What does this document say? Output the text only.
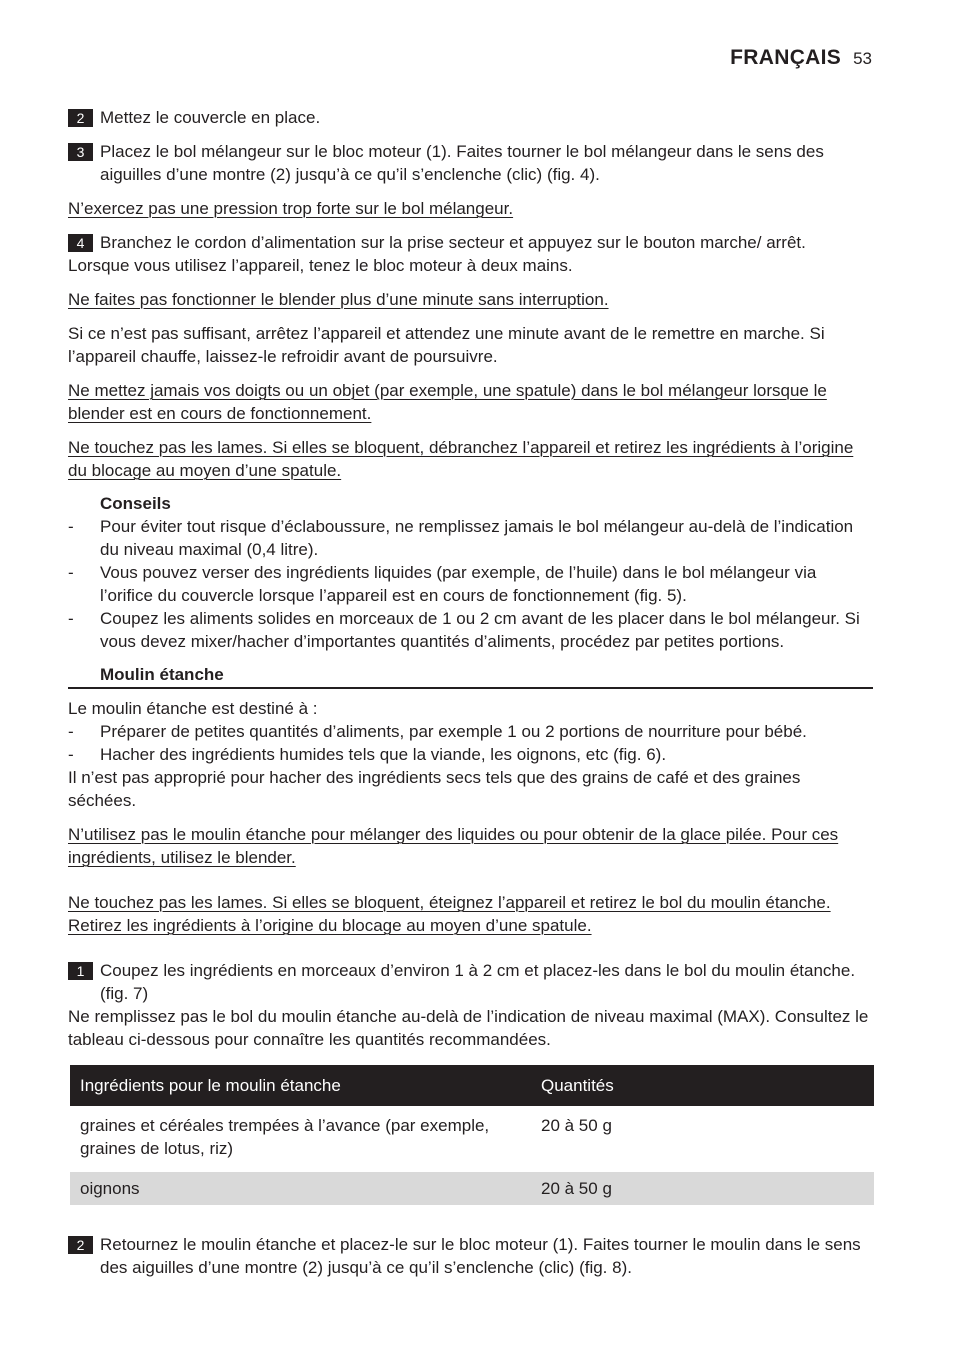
FRANÇAIS 53
2 Mettez le couvercle en place.

3 Placez le bol mélangeur sur le bloc moteur (1). Faites tourner le bol mélangeur dans le sens des aiguilles d’une montre (2) jusqu’à ce qu’il s’enclenche (clic) (fig. 4).

N’exercez pas une pression trop forte sur le bol mélangeur.

4 Branchez le cordon d’alimentation sur la prise secteur et appuyez sur le bouton marche/ arrêt.

Lorsque vous utilisez l’appareil, tenez le bloc moteur à deux mains.

Ne faites pas fonctionner le blender plus d’une minute sans interruption.

Si ce n’est pas suffisant, arrêtez l’appareil et attendez une minute avant de le remettre en marche. Si l’appareil chauffe, laissez-le refroidir avant de poursuivre.

Ne mettez jamais vos doigts ou un objet (par exemple, une spatule) dans le bol mélangeur lorsque le blender est en cours de fonctionnement.

Ne touchez pas les lames. Si elles se bloquent, débranchez l’appareil et retirez les ingrédients à l’origine du blocage au moyen d’une spatule.

Conseils

- Pour éviter tout risque d’éclaboussure, ne remplissez jamais le bol mélangeur au-delà de l’indication du niveau maximal (0,4 litre).
- Vous pouvez verser des ingrédients liquides (par exemple, de l’huile) dans le bol mélangeur via l’orifice du couvercle lorsque l’appareil est en cours de fonctionnement (fig. 5).
- Coupez les aliments solides en morceaux de 1 ou 2 cm avant de les placer dans le bol mélangeur. Si vous devez mixer/hacher d’importantes quantités d’aliments, procédez par petites portions.

Moulin étanche

Le moulin étanche est destiné à :

- Préparer de petites quantités d’aliments, par exemple 1 ou 2 portions de nourriture pour bébé.
- Hacher des ingrédients humides tels que la viande, les oignons, etc (fig. 6).

Il n’est pas approprié pour hacher des ingrédients secs tels que des grains de café et des graines séchées.

N’utilisez pas le moulin étanche pour mélanger des liquides ou pour obtenir de la glace pilée. Pour ces ingrédients, utilisez le blender.

Ne touchez pas les lames. Si elles se bloquent, éteignez l’appareil et retirez le bol du moulin étanche. Retirez les ingrédients à l’origine du blocage au moyen d’une spatule.

1 Coupez les ingrédients en morceaux d’environ 1 à 2 cm et placez-les dans le bol du moulin étanche. (fig. 7)

Ne remplissez pas le bol du moulin étanche au-delà de l’indication de niveau maximal (MAX). Consultez le tableau ci-dessous pour connaître les quantités recommandées.

Ingrédients pour le moulin étanche	Quantités
graines et céréales trempées à l’avance (par exemple, graines de lotus, riz)	20 à 50 g
oignons	20 à 50 g
2 Retournez le moulin étanche et placez-le sur le bloc moteur (1). Faites tourner le moulin dans le sens des aiguilles d’une montre (2) jusqu’à ce qu’il s’enclenche (clic) (fig. 8).
